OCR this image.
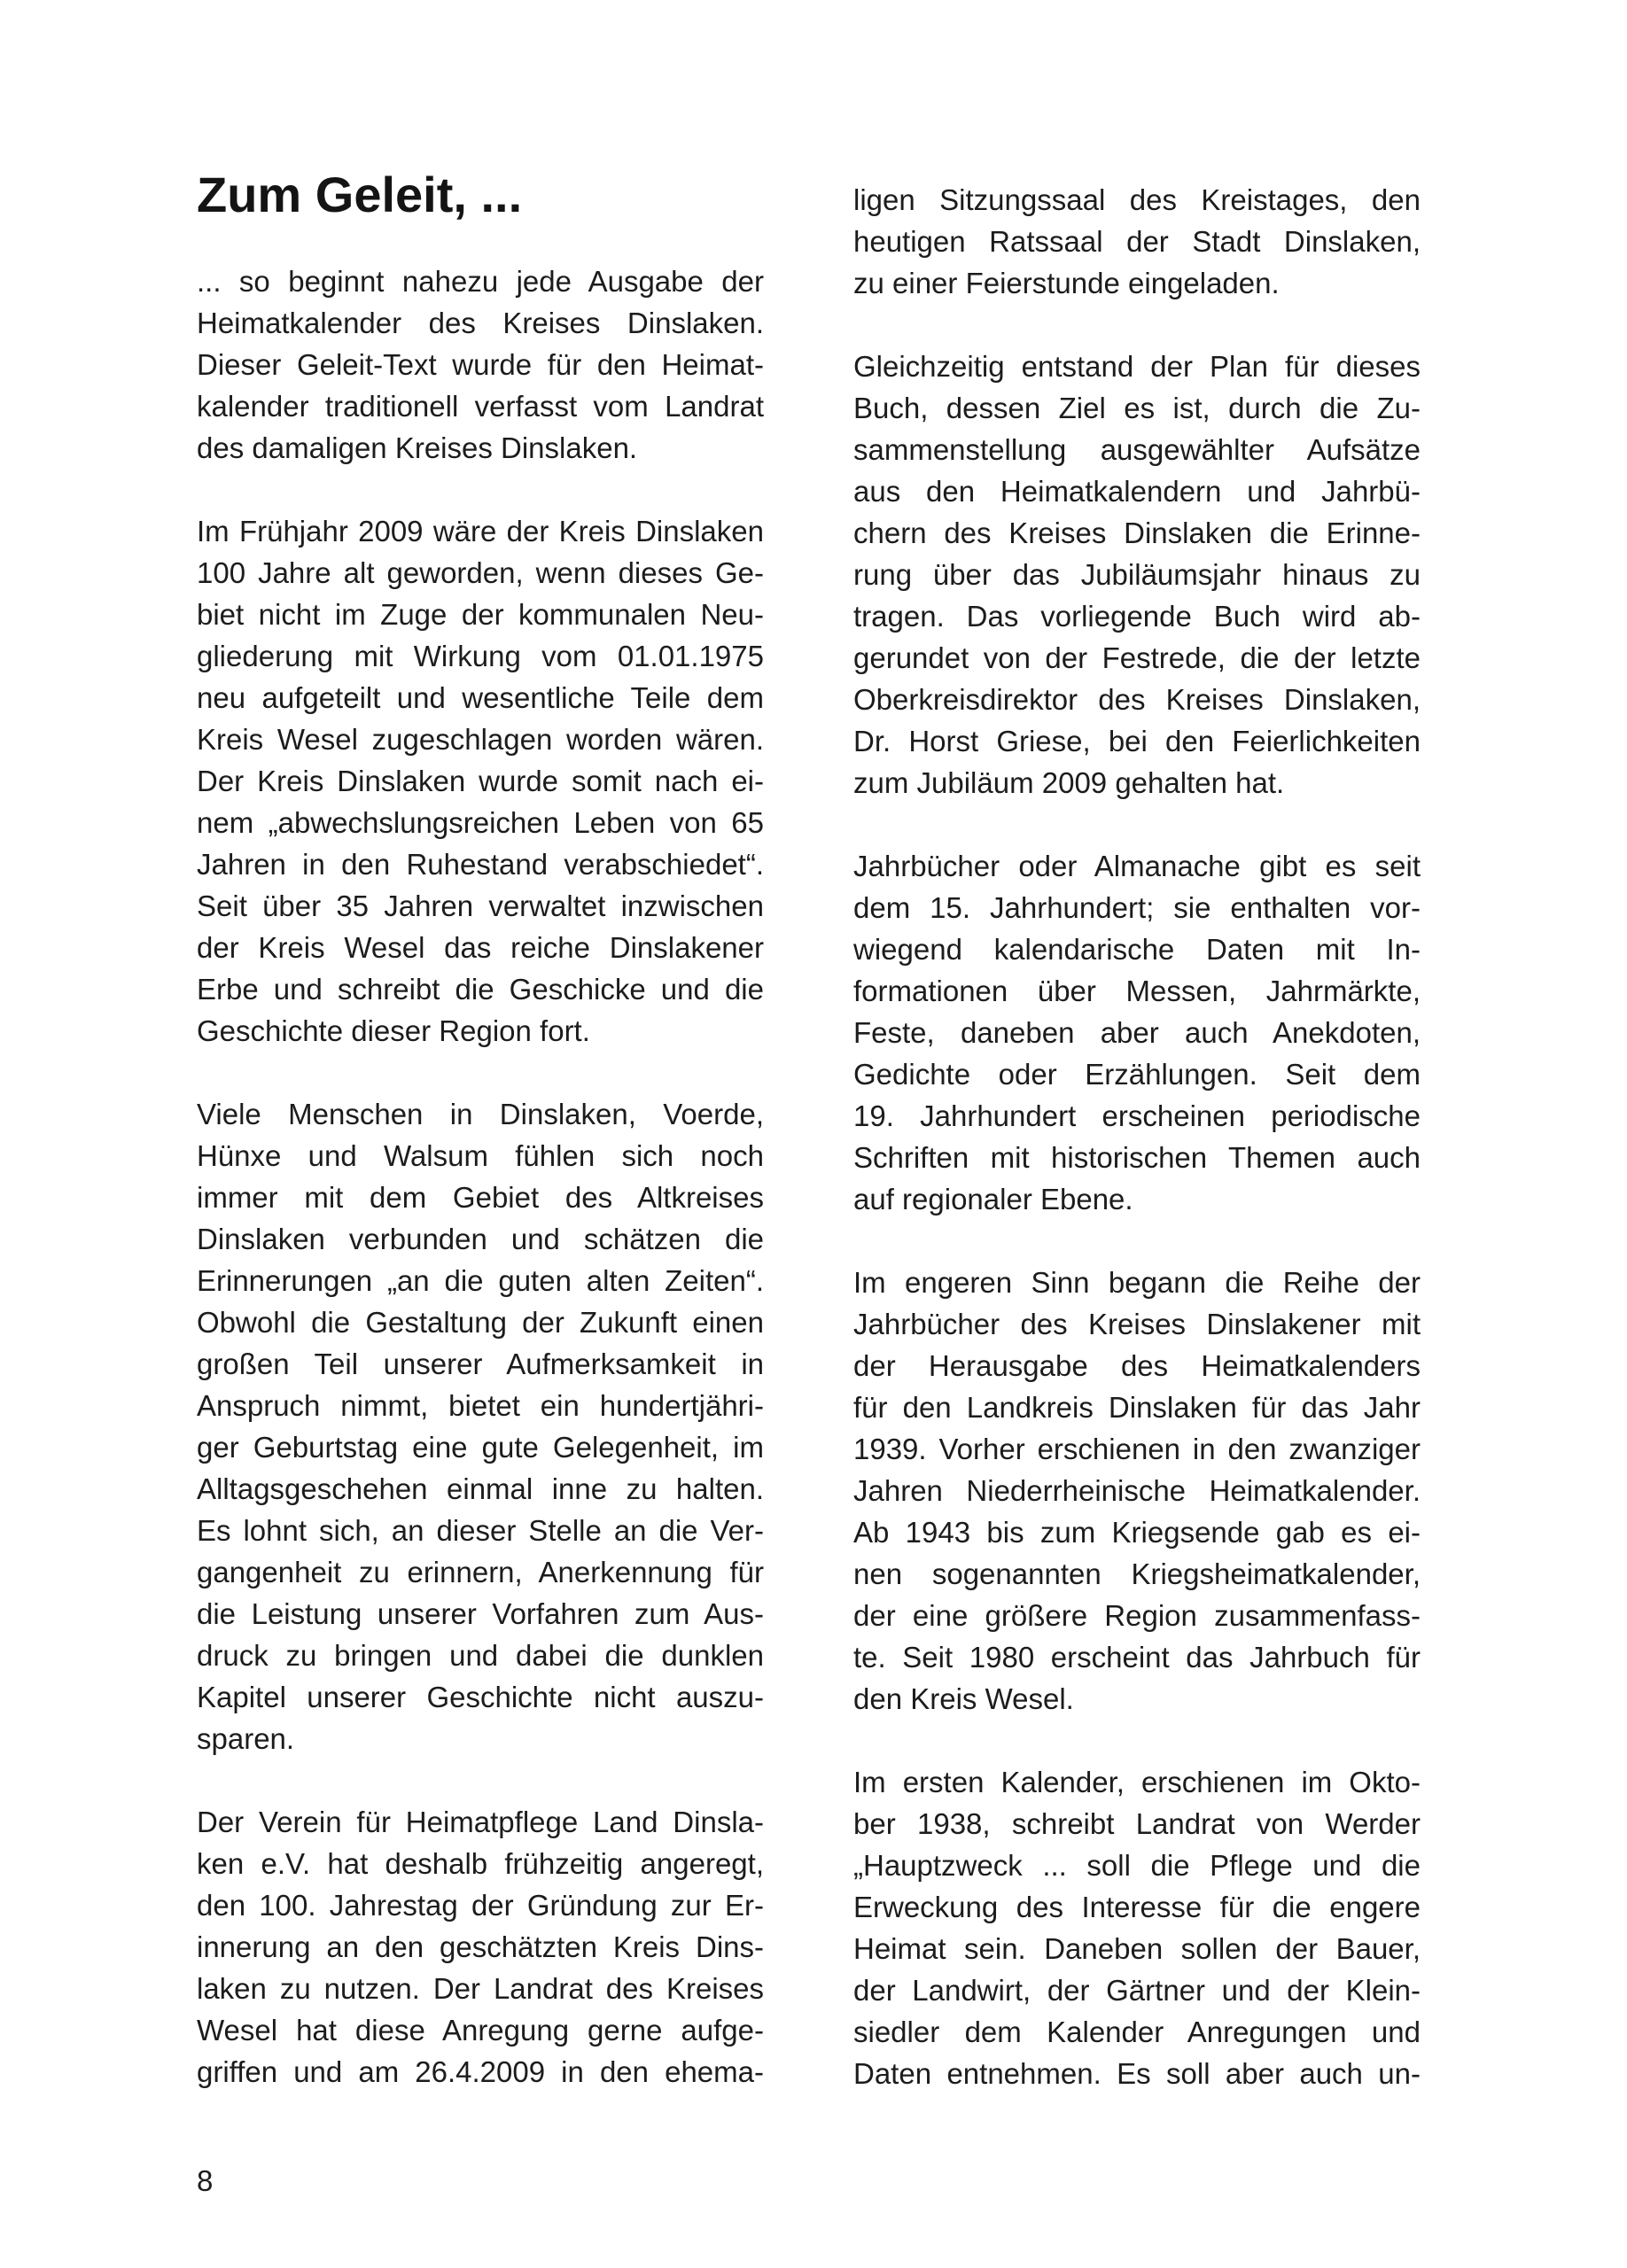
Zum Geleit, ...
... so beginnt nahezu jede Ausgabe der
Heimatkalender des Kreises Dinslaken.
Dieser Geleit-Text wurde für den Heimat-
kalender traditionell verfasst vom Landrat
des damaligen Kreises Dinslaken.
Im Frühjahr 2009 wäre der Kreis Dinslaken
100 Jahre alt geworden, wenn dieses Ge-
biet nicht im Zuge der kommunalen Neu-
gliederung mit Wirkung vom 01.01.1975
neu aufgeteilt und wesentliche Teile dem
Kreis Wesel zugeschlagen worden wären.
Der Kreis Dinslaken wurde somit nach ei-
nem „abwechslungsreichen Leben von 65
Jahren in den Ruhestand verabschiedet“.
Seit über 35 Jahren verwaltet inzwischen
der Kreis Wesel das reiche Dinslakener
Erbe und schreibt die Geschicke und die
Geschichte dieser Region fort.
Viele Menschen in Dinslaken, Voerde,
Hünxe und Walsum fühlen sich noch
immer mit dem Gebiet des Altkreises
Dinslaken verbunden und schätzen die
Erinnerungen „an die guten alten Zeiten“.
Obwohl die Gestaltung der Zukunft einen
großen Teil unserer Aufmerksamkeit in
Anspruch nimmt, bietet ein hundertjähri-
ger Geburtstag eine gute Gelegenheit, im
Alltagsgeschehen einmal inne zu halten.
Es lohnt sich, an dieser Stelle an die Ver-
gangenheit zu erinnern, Anerkennung für
die Leistung unserer Vorfahren zum Aus-
druck zu bringen und dabei die dunklen
Kapitel unserer Geschichte nicht auszu-
sparen.
Der Verein für Heimatpflege Land Dinsla-
ken e.V. hat deshalb frühzeitig angeregt,
den 100. Jahrestag der Gründung zur Er-
innerung an den geschätzten Kreis Dins-
laken zu nutzen. Der Landrat des Kreises
Wesel hat diese Anregung gerne aufge-
griffen und am 26.4.2009 in den ehema-
ligen Sitzungssaal des Kreistages, den
heutigen Ratssaal der Stadt Dinslaken,
zu einer Feierstunde eingeladen.
Gleichzeitig entstand der Plan für dieses
Buch, dessen Ziel es ist, durch die Zu-
sammenstellung ausgewählter Aufsätze
aus den Heimatkalendern und Jahrbü-
chern des Kreises Dinslaken die Erinne-
rung über das Jubiläumsjahr hinaus zu
tragen. Das vorliegende Buch wird ab-
gerundet von der Festrede, die der letzte
Oberkreisdirektor des Kreises Dinslaken,
Dr. Horst Griese, bei den Feierlichkeiten
zum Jubiläum 2009 gehalten hat.
Jahrbücher oder Almanache gibt es seit
dem 15. Jahrhundert; sie enthalten vor-
wiegend kalendarische Daten mit In-
formationen über Messen, Jahrmärkte,
Feste, daneben aber auch Anekdoten,
Gedichte oder Erzählungen. Seit dem
19. Jahrhundert erscheinen periodische
Schriften mit historischen Themen auch
auf regionaler Ebene.
Im engeren Sinn begann die Reihe der
Jahrbücher des Kreises Dinslakener mit
der Herausgabe des Heimatkalenders
für den Landkreis Dinslaken für das Jahr
1939. Vorher erschienen in den zwanziger
Jahren Niederrheinische Heimatkalender.
Ab 1943 bis zum Kriegsende gab es ei-
nen sogenannten Kriegsheimatkalender,
der eine größere Region zusammenfass-
te. Seit 1980 erscheint das Jahrbuch für
den Kreis Wesel.
Im ersten Kalender, erschienen im Okto-
ber 1938, schreibt Landrat von Werder
„Hauptzweck ... soll die Pflege und die
Erweckung des Interesse für die engere
Heimat sein. Daneben sollen der Bauer,
der Landwirt, der Gärtner und der Klein-
siedler dem Kalender Anregungen und
Daten entnehmen. Es soll aber auch un-
8
